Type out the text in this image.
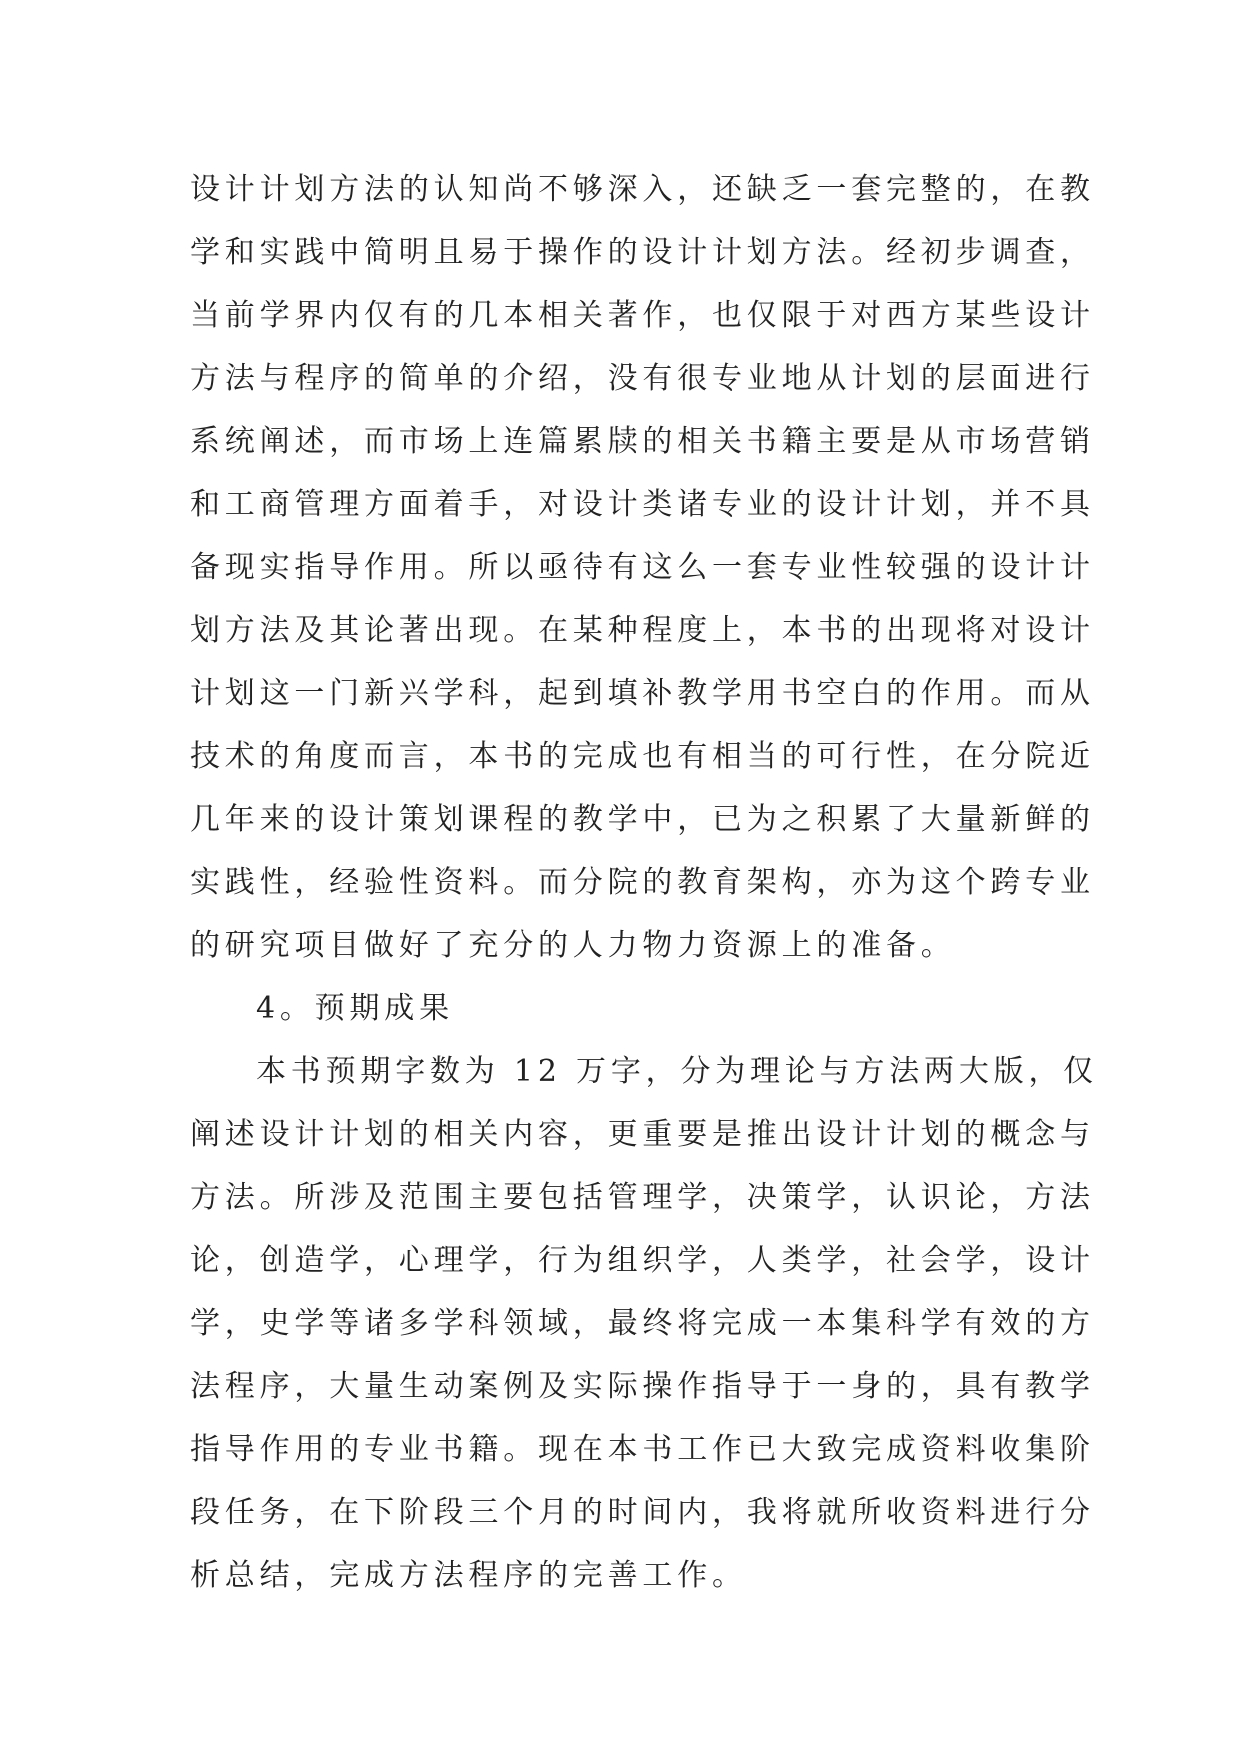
设计计划方法的认知尚不够深入，还缺乏一套完整的，在教
学和实践中简明且易于操作的设计计划方法。经初步调查，
当前学界内仅有的几本相关著作，也仅限于对西方某些设计
方法与程序的简单的介绍，没有很专业地从计划的层面进行
系统阐述，而市场上连篇累牍的相关书籍主要是从市场营销
和工商管理方面着手，对设计类诸专业的设计计划，并不具
备现实指导作用。所以亟待有这么一套专业性较强的设计计
划方法及其论著出现。在某种程度上，本书的出现将对设计
计划这一门新兴学科，起到填补教学用书空白的作用。而从
技术的角度而言，本书的完成也有相当的可行性，在分院近
几年来的设计策划课程的教学中，已为之积累了大量新鲜的
实践性，经验性资料。而分院的教育架构，亦为这个跨专业
的研究项目做好了充分的人力物力资源上的准备。
4。预期成果
本书预期字数为 12 万字，分为理论与方法两大版，仅
阐述设计计划的相关内容，更重要是推出设计计划的概念与
方法。所涉及范围主要包括管理学，决策学，认识论，方法
论，创造学，心理学，行为组织学，人类学，社会学，设计
学，史学等诸多学科领域，最终将完成一本集科学有效的方
法程序，大量生动案例及实际操作指导于一身的，具有教学
指导作用的专业书籍。现在本书工作已大致完成资料收集阶
段任务，在下阶段三个月的时间内，我将就所收资料进行分
析总结，完成方法程序的完善工作。
